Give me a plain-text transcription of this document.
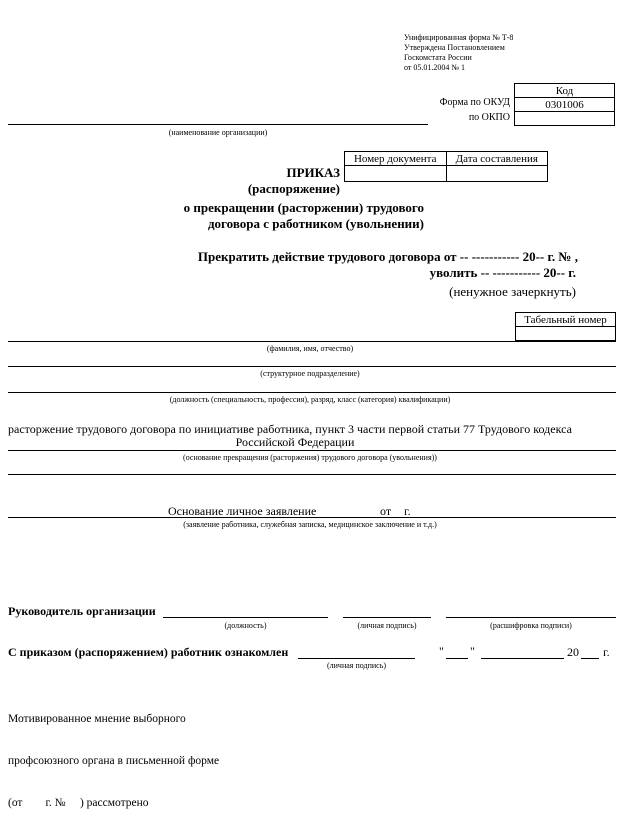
Унифицированная форма № Т-8
Утверждена Постановлением
Госкомстата России
от 05.01.2004 № 1
Форма по ОКУД
по ОКПО
Код
0301006

(наименование организации)
Номер документа	Дата составления

ПРИКАЗ
(распоряжение)
о прекращении (расторжении) трудового
договора с работником (увольнении)
Прекратить действие трудового договора от -- ----------- 20-- г. № ,
уволить -- ----------- 20-- г.
(ненужное зачеркнуть)
Табельный номер

(фамилия, имя, отчество)
(структурное подразделение)
(должность (специальность, профессия), разряд, класс (категория) квалификации)
расторжение трудового договора по инициативе работника, пункт 3 части первой статьи 77 Трудового кодекса
Российской Федерации
(основание прекращения (расторжения) трудового договора (увольнения))
Основание личное заявление	от г.
(заявление работника, служебная записка, медицинское заключение и т.д.)
Руководитель организации
(должность)	(личная подпись)	(расшифровка подписи)
С приказом (распоряжением) работник ознакомлен
(личная подпись)
" "	20 г.

Мотивированное мнение выборного

профсоюзного органа в письменной форме

(от        г. №     ) рассмотрено
